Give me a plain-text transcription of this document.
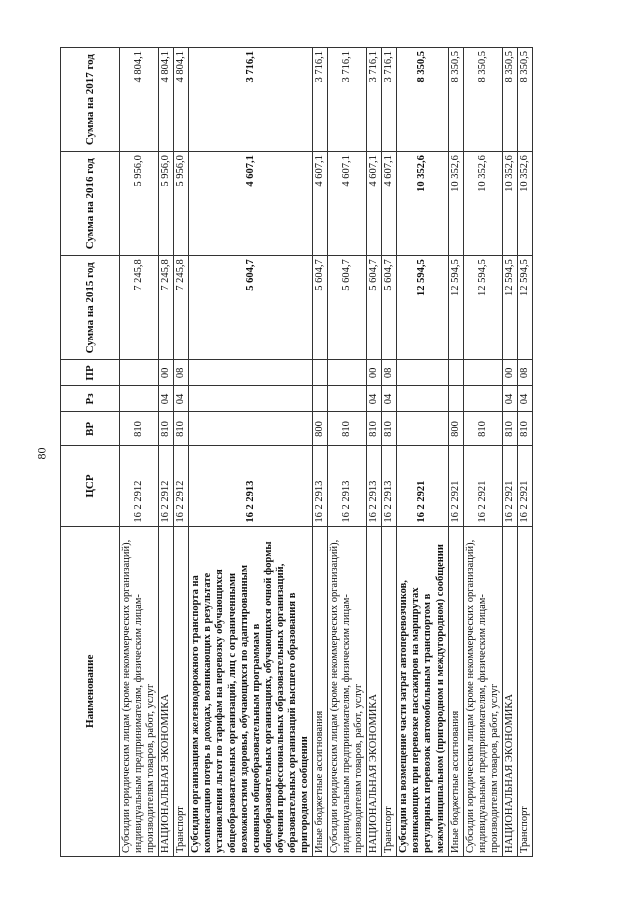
80
Наименование	ЦСР	ВР	Рз	ПР	Сумма на 2015 год	Сумма на 2016 год	Сумма на 2017 год
Субсидии юридическим лицам (кроме некоммерческих организаций), индивидуальным предпринимателям, физическим лицам-производителям товаров, работ, услуг	16 2 2912	810			7 245,8	5 956,0	4 804,1
НАЦИОНАЛЬНАЯ ЭКОНОМИКА	16 2 2912	810	04	00	7 245,8	5 956,0	4 804,1
Транспорт	16 2 2912	810	04	08	7 245,8	5 956,0	4 804,1
Субсидии организациям железнодорожного транспорта на компенсацию потерь в доходах, возникающих в результате установления льгот по тарифам на перевозку обучающихся общеобразовательных организаций, лиц с ограниченными возможностями здоровья, обучающихся по адаптированным основным общеобразовательным программам в общеобразовательных организациях, обучающихся очной формы обучения профессиональных образовательных организаций, образовательных организаций высшего образования в пригородном сообщении	16 2 2913				5 604,7	4 607,1	3 716,1
Иные бюджетные ассигнования	16 2 2913	800			5 604,7	4 607,1	3 716,1
Субсидии юридическим лицам (кроме некоммерческих организаций), индивидуальным предпринимателям, физическим лицам-производителям товаров, работ, услуг	16 2 2913	810			5 604,7	4 607,1	3 716,1
НАЦИОНАЛЬНАЯ ЭКОНОМИКА	16 2 2913	810	04	00	5 604,7	4 607,1	3 716,1
Транспорт	16 2 2913	810	04	08	5 604,7	4 607,1	3 716,1
Субсидии на возмещение части затрат автоперевозчиков, возникающих при перевозке пассажиров на маршрутах регулярных перевозок автомобильным транспортом в межмуниципальном (пригородном и междугородном) сообщении	16 2 2921				12 594,5	10 352,6	8 350,5
Иные бюджетные ассигнования	16 2 2921	800			12 594,5	10 352,6	8 350,5
Субсидии юридическим лицам (кроме некоммерческих организаций), индивидуальным предпринимателям, физическим лицам-производителям товаров, работ, услуг	16 2 2921	810			12 594,5	10 352,6	8 350,5
НАЦИОНАЛЬНАЯ ЭКОНОМИКА	16 2 2921	810	04	00	12 594,5	10 352,6	8 350,5
Транспорт	16 2 2921	810	04	08	12 594,5	10 352,6	8 350,5
